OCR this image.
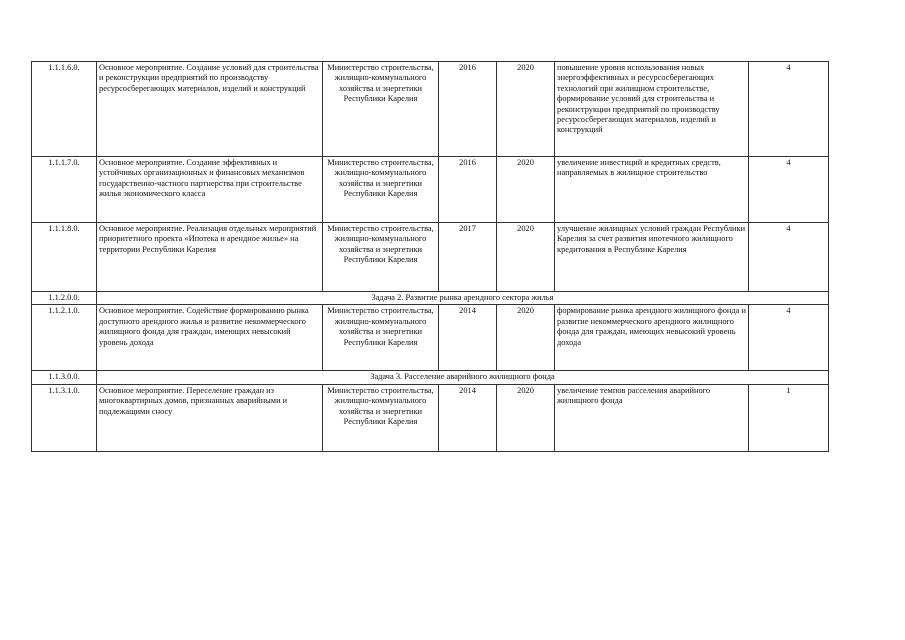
1.1.1.6.0.	Основное мероприятие. Создание условий для строительства и реконструкции предприятий по производству ресурсосберегающих материалов, изделий и конструкций	Министерство строительства, жилищно-коммунального хозяйства и энергетики Республики Карелия	2016	2020	повышение уровня использования новых энергоэффективных и ресурсосберегающих технологий при жилищном строительстве, формирование условий для строительства и реконструкции предприятий по производству ресурсосберегающих материалов, изделий и конструкций	4
1.1.1.7.0.	Основное мероприятие. Создание эффективных и устойчивых организационных и финансовых механизмов государственно-частного партнерства при строительстве жилья экономического класса	Министерство строительства, жилищно-коммунального хозяйства и энергетики Республики Карелия	2016	2020	увеличение инвестиций и кредитных средств, направляемых в жилищное строительство	4
1.1.1.8.0.	Основное мероприятие. Реализация отдельных мероприятий приоритетного проекта «Ипотека и арендное жилье» на территории Республики Карелия	Министерство строительства, жилищно-коммунального хозяйства и энергетики Республики Карелия	2017	2020	улучшение жилищных условий граждан Республики Карелия за счет развития ипотечного жилищного кредитования в Республике Карелия	4
1.1.2.0.0.	Задача 2. Развитие рынка арендного сектора жилья					
1.1.2.1.0.	Основное мероприятие. Содействие формированию рынка доступного арендного жилья и развитие некоммерческого жилищного фонда для граждан, имеющих невысокий уровень дохода	Министерство строительства, жилищно-коммунального хозяйства и энергетики Республики Карелия	2014	2020	формирование рынка арендного жилищного фонда и развитие некоммерческого арендного жилищного фонда для граждан, имеющих невысокий уровень дохода	4
1.1.3.0.0.	Задача 3. Расселение аварийного жилищного фонда					
1.1.3.1.0.	Основное мероприятие. Переселение граждан из многоквартирных домов, признанных аварийными и подлежащими сносу	Министерство строительства, жилищно-коммунального хозяйства и энергетики Республики Карелия	2014	2020	увеличение темпов расселения аварийного жилищного фонда	1
